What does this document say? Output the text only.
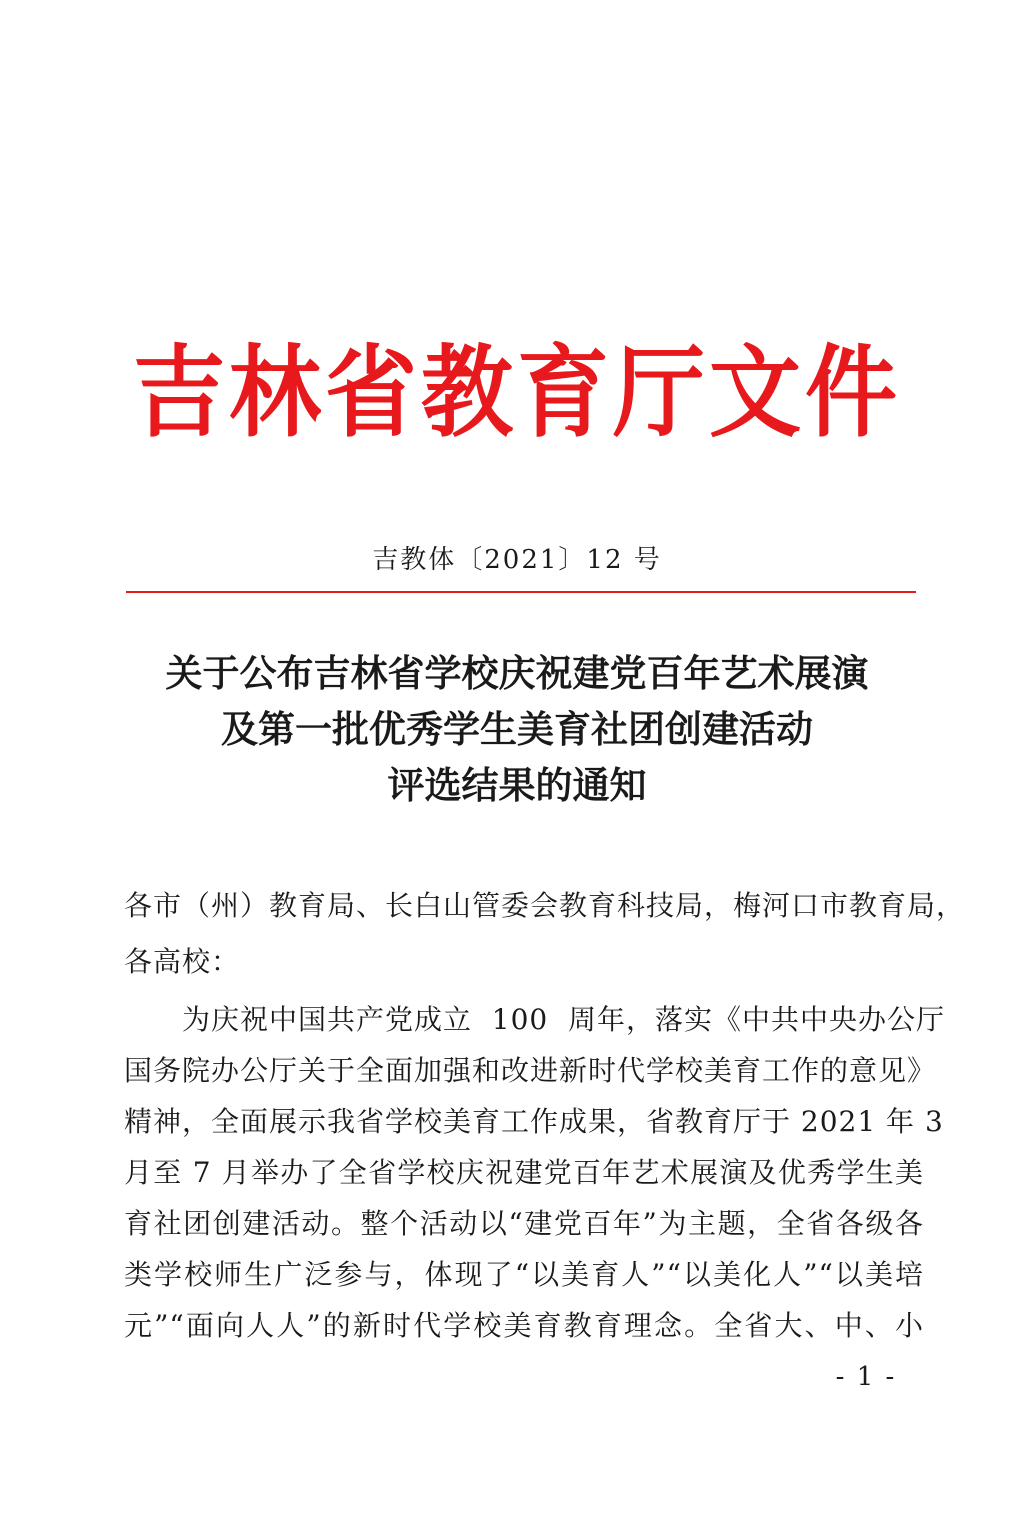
吉林省教育厅文件
吉教体〔2021〕12 号
关于公布吉林省学校庆祝建党百年艺术展演
及第一批优秀学生美育社团创建活动
评选结果的通知
各市（州）教育局、长白山管委会教育科技局，梅河口市教育局，
各高校：
　　为庆祝中国共产党成立  100  周年，落实《中共中央办公厅
国务院办公厅关于全面加强和改进新时代学校美育工作的意见》
精神，全面展示我省学校美育工作成果，省教育厅于 2021 年 3
月至 7 月举办了全省学校庆祝建党百年艺术展演及优秀学生美
育社团创建活动。整个活动以“建党百年”为主题，全省各级各
类学校师生广泛参与，体现了“以美育人”“以美化人”“以美培
元”“面向人人”的新时代学校美育教育理念。全省大、中、小
- 1 -
